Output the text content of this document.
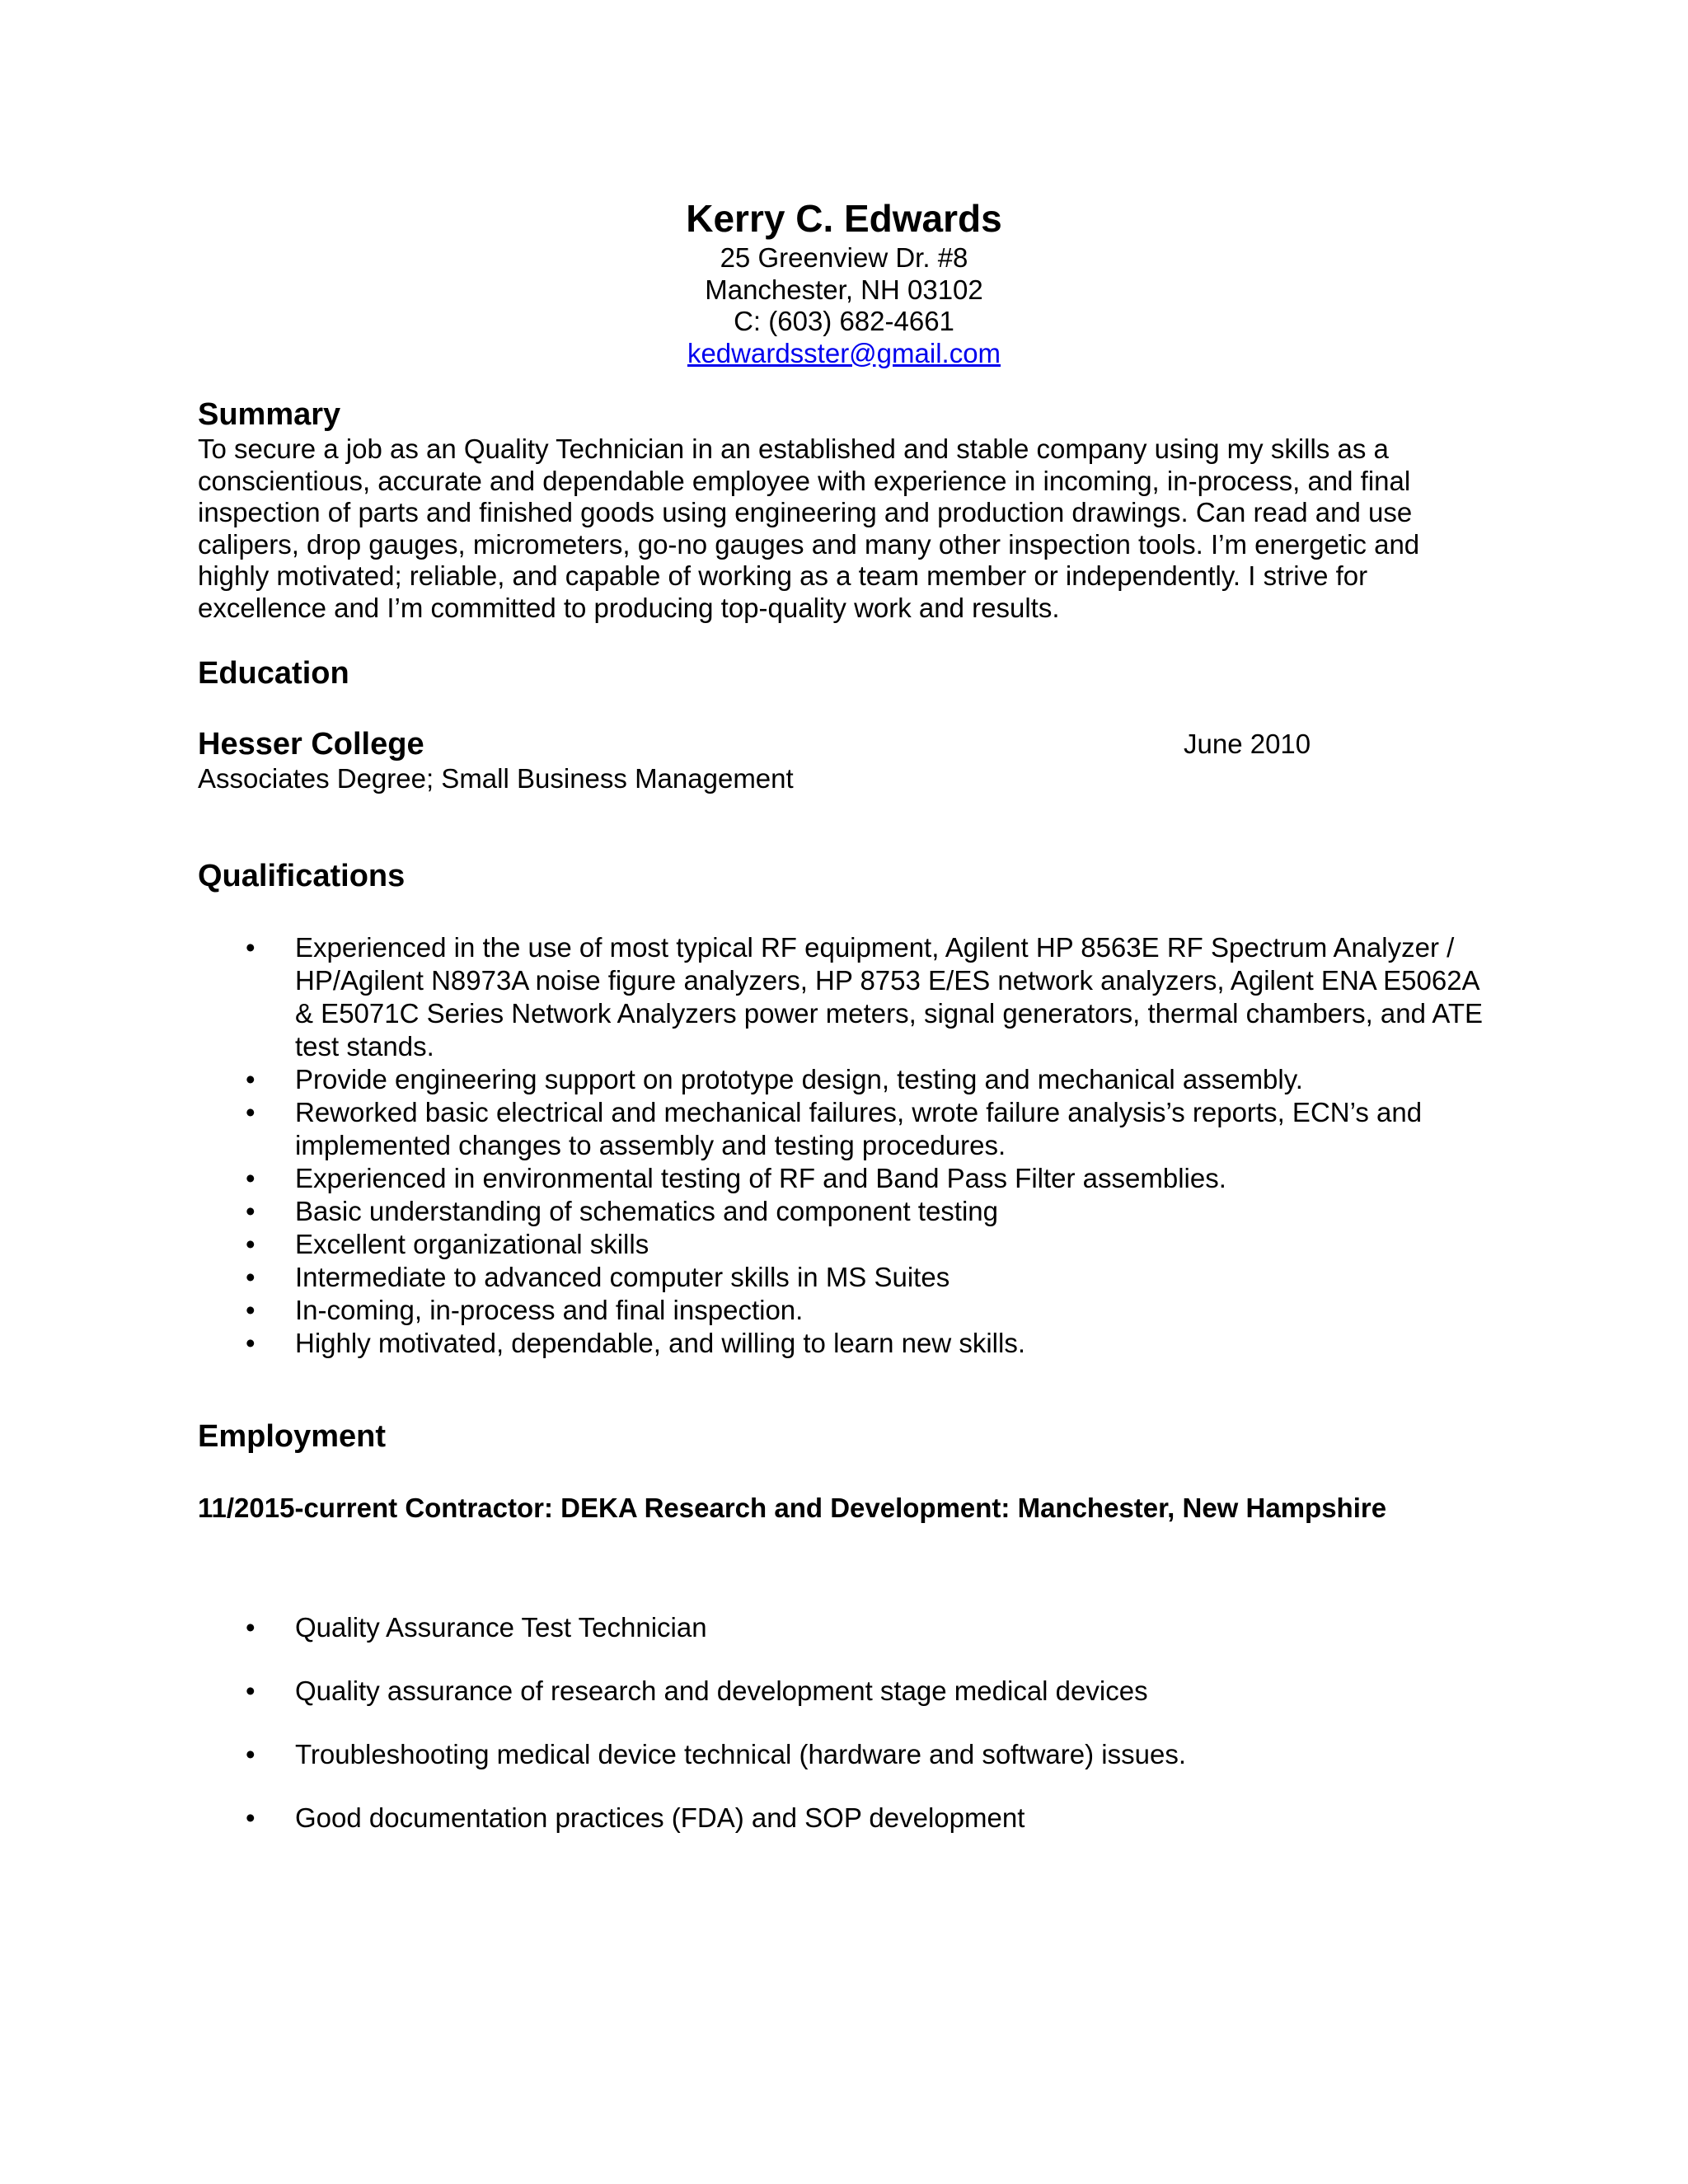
Kerry C. Edwards

25 Greenview Dr. #8

Manchester, NH 03102

C: (603) 682-4661

kedwardsster@gmail.com

Summary

To secure a job as an Quality Technician in an established and stable company using my skills as a
conscientious, accurate and dependable employee with experience in incoming, in-process, and final
inspection of parts and finished goods using engineering and production drawings. Can read and use
calipers, drop gauges, micrometers, go-no gauges and many other inspection tools. I’m energetic and
highly motivated; reliable, and capable of working as a team member or independently. I strive for
excellence and I’m committed to producing top-quality work and results.

Education

Hesser College	June 2010

Associates Degree; Small Business Management

Qualifications

• Experienced in the use of most typical RF equipment, Agilent HP 8563E RF Spectrum Analyzer / HP/Agilent N8973A noise figure analyzers, HP 8753 E/ES network analyzers, Agilent ENA E5062A & E5071C Series Network Analyzers power meters, signal generators, thermal chambers, and ATE test stands.
• Provide engineering support on prototype design, testing and mechanical assembly.
• Reworked basic electrical and mechanical failures, wrote failure analysis’s reports, ECN’s and implemented changes to assembly and testing procedures.
• Experienced in environmental testing of RF and Band Pass Filter assemblies.
• Basic understanding of schematics and component testing
• Excellent organizational skills
• Intermediate to advanced computer skills in MS Suites
• In-coming, in-process and final inspection.
• Highly motivated, dependable, and willing to learn new skills.

Employment

11/2015-current Contractor: DEKA Research and Development: Manchester, New Hampshire

• Quality Assurance Test Technician
• Quality assurance of research and development stage medical devices
• Troubleshooting medical device technical (hardware and software) issues.
• Good documentation practices (FDA) and SOP development
